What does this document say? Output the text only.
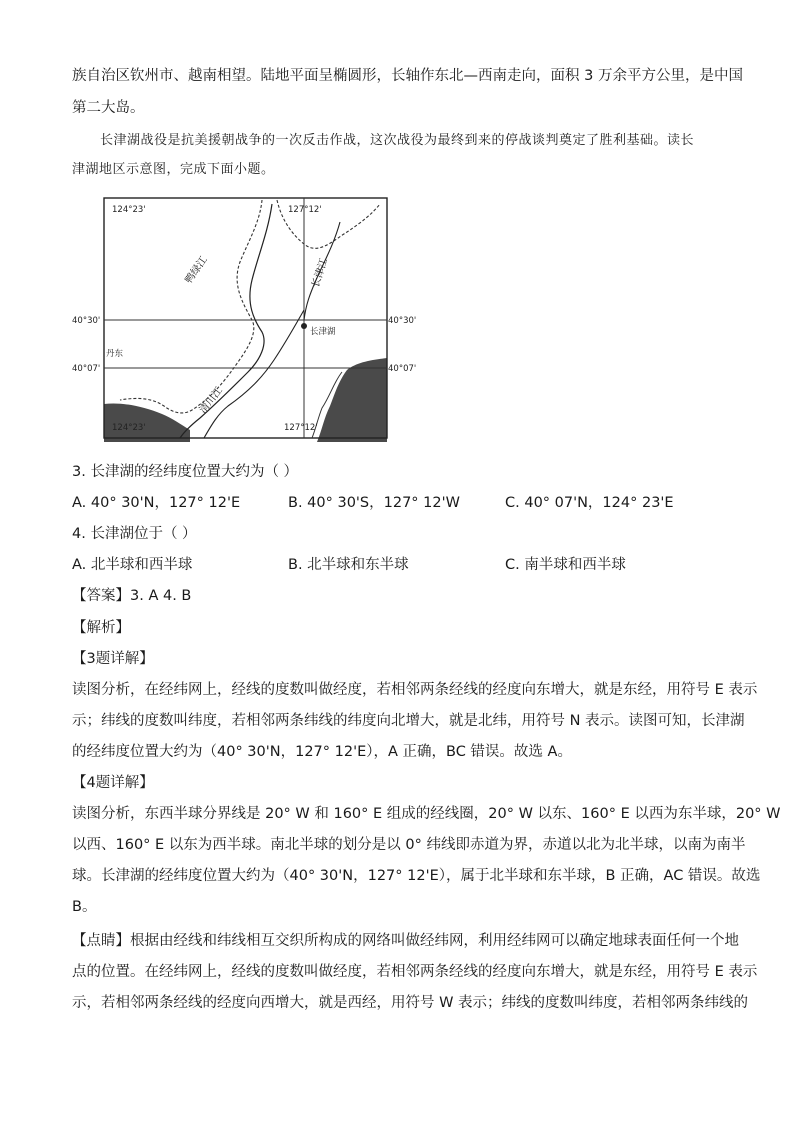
族自治区钦州市、越南相望。陆地平面呈椭圆形，长轴作东北—西南走向，面积 3 万余平方公里，是中国
第二大岛。
长津湖战役是抗美援朝战争的一次反击作战，这次战役为最终到来的停战谈判奠定了胜利基础。读长
津湖地区示意图，完成下面小题。
124°23'	127°12'
124°23'	127°12'
40°30'	40°30'
40°07'	40°07'
丹东
长津湖
鸭绿江
清川江
长津江
3. 长津湖的经纬度位置大约为（ ）
A. 40° 30'N，127° 12'E	B. 40° 30'S，127° 12'W	C. 40° 07'N，124° 23'E
4. 长津湖位于（ ）
A. 北半球和西半球	B. 北半球和东半球	C. 南半球和西半球
【答案】3. A 4. B
【解析】
【3题详解】
读图分析，在经纬网上，经线的度数叫做经度，若相邻两条经线的经度向东增大，就是东经，用符号 E 表示
示；纬线的度数叫纬度，若相邻两条纬线的纬度向北增大，就是北纬，用符号 N 表示。读图可知，长津湖
的经纬度位置大约为（40° 30'N，127° 12'E），A 正确，BC 错误。故选 A。
【4题详解】
读图分析，东西半球分界线是 20° W 和 160° E 组成的经线圈，20° W 以东、160° E 以西为东半球，20° W
以西、160° E 以东为西半球。南北半球的划分是以 0° 纬线即赤道为界，赤道以北为北半球，以南为南半
球。长津湖的经纬度位置大约为（40° 30'N，127° 12'E），属于北半球和东半球，B 正确，AC 错误。故选
B。
【点睛】根据由经线和纬线相互交织所构成的网络叫做经纬网，利用经纬网可以确定地球表面任何一个地
点的位置。在经纬网上，经线的度数叫做经度，若相邻两条经线的经度向东增大，就是东经，用符号 E 表示
示，若相邻两条经线的经度向西增大，就是西经，用符号 W 表示；纬线的度数叫纬度，若相邻两条纬线的
